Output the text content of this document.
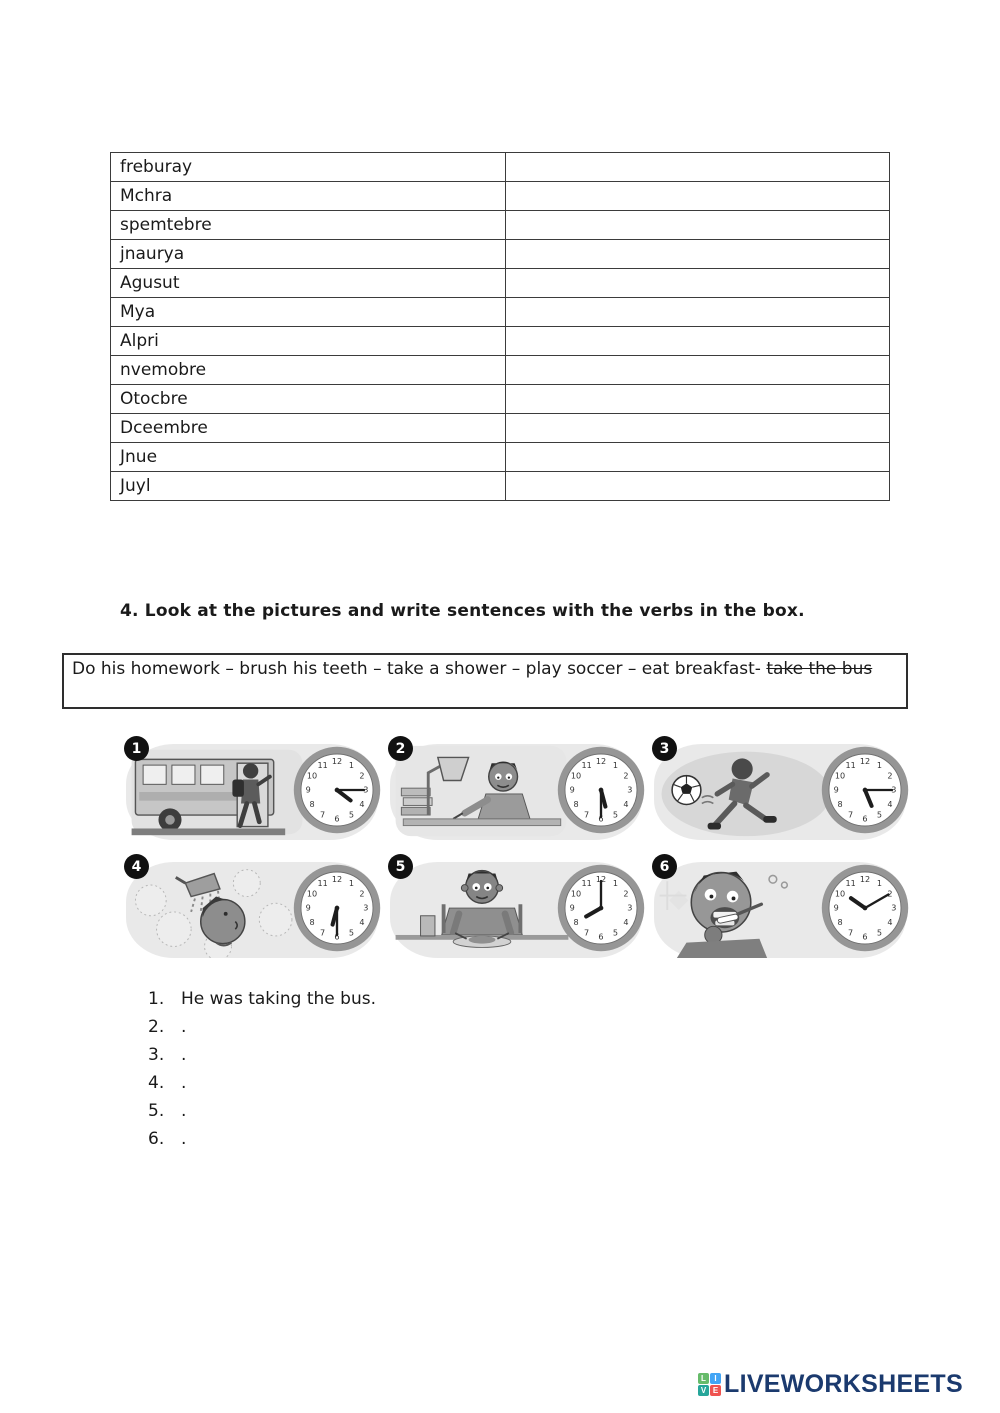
freburay	
Mchra	
spemtebre	
jnaurya	
Agusut	
Mya	
Alpri	
nvemobre	
Otocbre	
Dceembre	
Jnue	
Juyl	
4. Look at the pictures and write sentences with the verbs in the box.
Do his homework – brush his teeth – take a shower – play soccer – eat breakfast- take the bus
1
1
2
3
4
5
6
7
8
9
10
11 12
2
1
2
3
4
5
6
7
8
9
10
11 12
3
1
2
3
4
5
6
7
8
9
10
11 12
4
1
2
3
4
5
6
7
8
9
10
11 12
5
1
2
3
4
5
6
7
8
9
10
11 12
6
1
2
3
4
5
6
7
8
9
10
11 12
1. He was taking the bus.
2. .
3. .
4. .
5. .
6. .
L	I
V E LIVEWORKSHEETS
